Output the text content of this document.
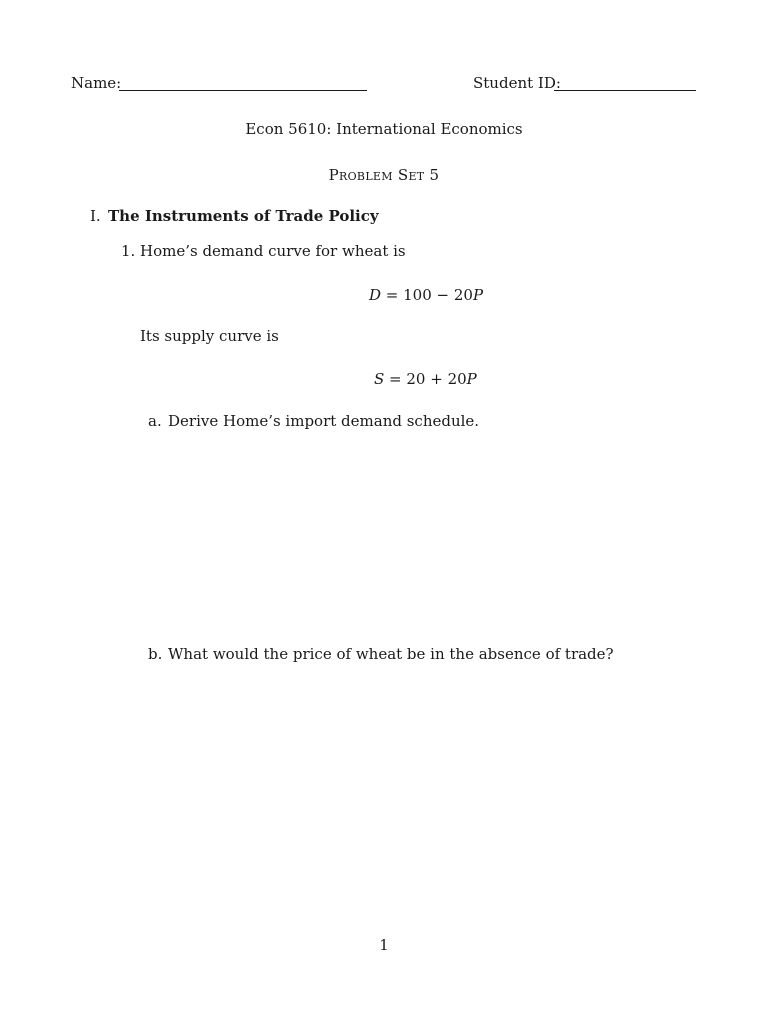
Name:	Student ID:
Econ 5610: International Economics
Problem Set 5
I. The Instruments of Trade Policy
1. Home’s demand curve for wheat is
D = 100 − 20P
Its supply curve is
S = 20 + 20P
a. Derive Home’s import demand schedule.
b. What would the price of wheat be in the absence of trade?
1
